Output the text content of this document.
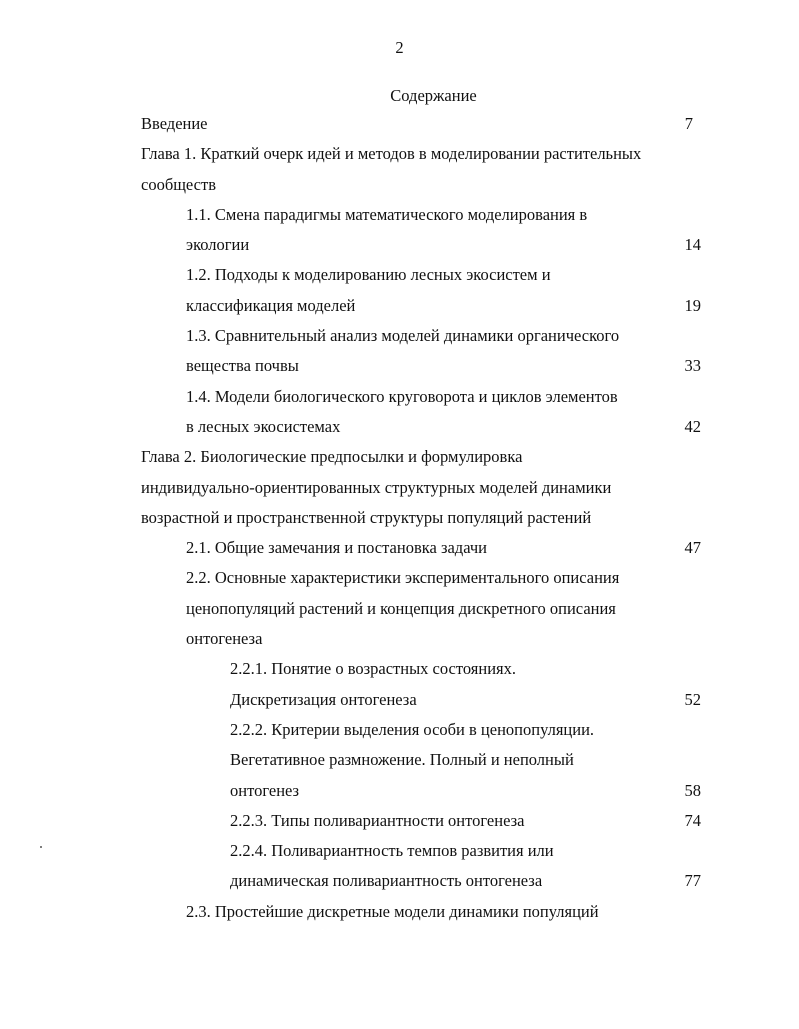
2
Содержание
Введение	7
Глава 1. Краткий очерк идей и методов в моделировании растительных
сообществ
1.1. Смена парадигмы математического моделирования в
экологии	14
1.2. Подходы к моделированию лесных экосистем и
классификация моделей	19
1.3. Сравнительный анализ моделей динамики органического
вещества почвы	33
1.4. Модели биологического круговорота и циклов элементов
в лесных экосистемах	42
Глава 2. Биологические предпосылки и формулировка
индивидуально-ориентированных структурных моделей динамики
возрастной и пространственной структуры популяций растений
2.1. Общие замечания и постановка задачи	47
2.2. Основные характеристики экспериментального описания
ценопопуляций растений и концепция дискретного описания
онтогенеза
2.2.1. Понятие о возрастных состояниях.
Дискретизация онтогенеза	52
2.2.2. Критерии выделения особи в ценопопуляции.
Вегетативное размножение. Полный и неполный
онтогенез	58
2.2.3. Типы поливариантности онтогенеза	74
2.2.4. Поливариантность темпов развития или
динамическая поливариантность онтогенеза	77
2.3. Простейшие дискретные модели динамики популяций
